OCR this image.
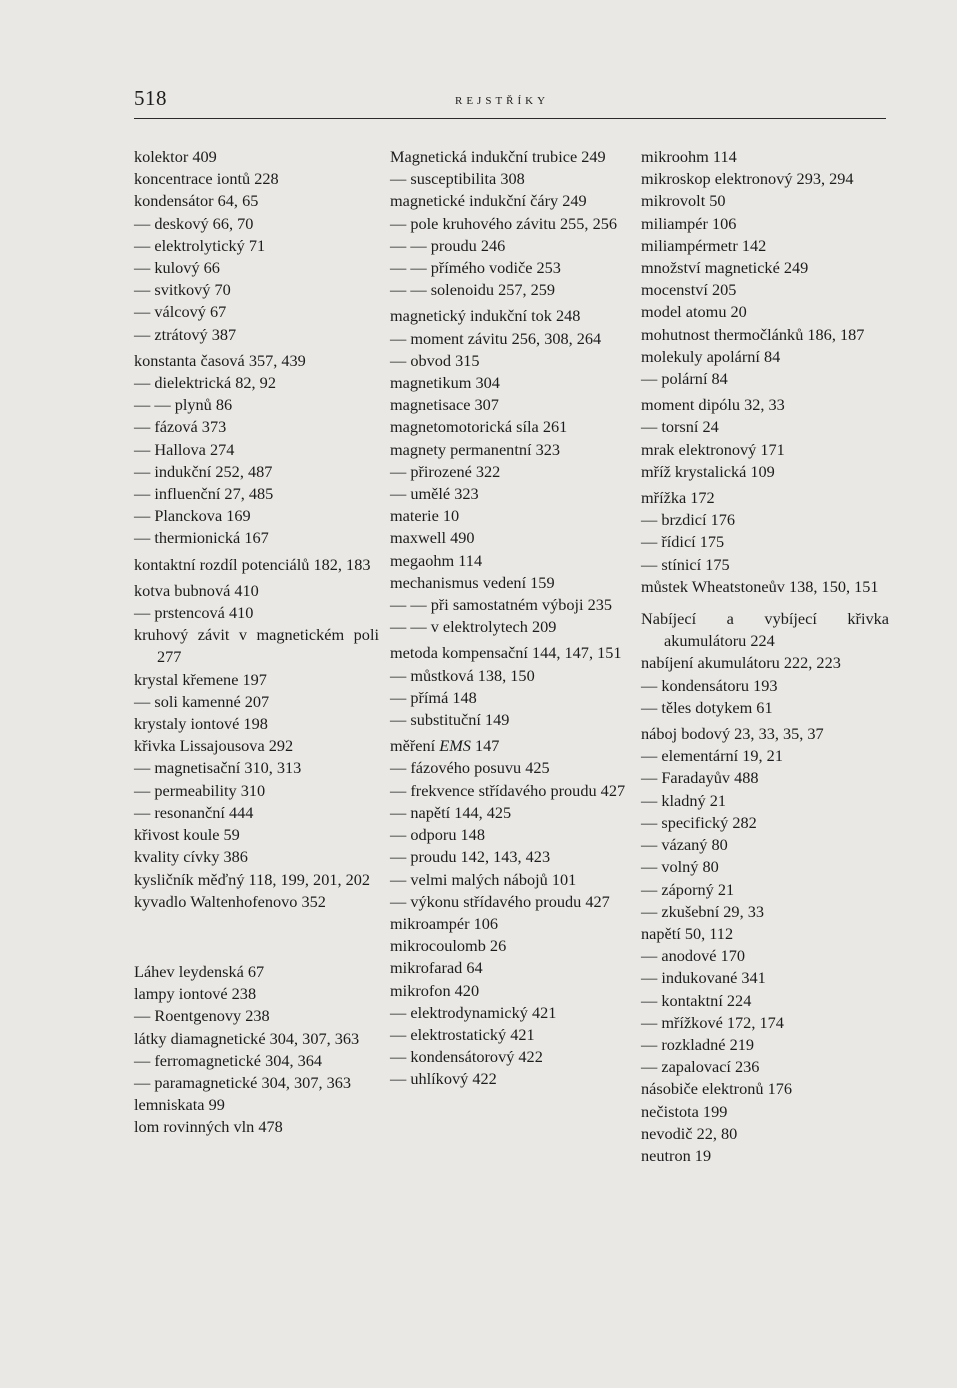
518	REJSTŘÍKY
kolektor 409
koncentrace iontů 228
kondensátor 64, 65
— deskový 66, 70
— elektrolytický 71
— kulový 66
— svitkový 70
— válcový 67
— ztrátový 387
konstanta časová 357, 439
— dielektrická 82, 92
— — plynů 86
— fázová 373
— Hallova 274
— indukční 252, 487
— influenční 27, 485
— Planckova 169
— thermionická 167
kontaktní rozdíl potenciálů 182, 183
kotva bubnová 410
— prstencová 410
kruhový závit v magnetickém poli 277
krystal křemene 197
— soli kamenné 207
krystaly iontové 198
křivka Lissajousova 292
— magnetisační 310, 313
— permeability 310
— resonanční 444
křivost koule 59
kvality cívky 386
kysličník měďný 118, 199, 201, 202
kyvadlo Waltenhofenovo 352
Láhev leydenská 67
lampy iontové 238
— Roentgenovy 238
látky diamagnetické 304, 307, 363
— ferromagnetické 304, 364
— paramagnetické 304, 307, 363
lemniskata 99
lom rovinných vln 478
Magnetická indukční trubice 249
— susceptibilita 308
magnetické indukční čáry 249
— pole kruhového závitu 255, 256
— — proudu 246
— — přímého vodiče 253
— — solenoidu 257, 259
magnetický indukční tok 248
— moment závitu 256, 308, 264
— obvod 315
magnetikum 304
magnetisace 307
magnetomotorická síla 261
magnety permanentní 323
— přirozené 322
— umělé 323
materie 10
maxwell 490
megaohm 114
mechanismus vedení 159
— — při samostatném výboji 235
— — v elektrolytech 209
metoda kompensační 144, 147, 151
— můstková 138, 150
— přímá 148
— substituční 149
měření EMS 147
— fázového posuvu 425
— frekvence střídavého proudu 427
— napětí 144, 425
— odporu 148
— proudu 142, 143, 423
— velmi malých nábojů 101
— výkonu střídavého proudu 427
mikroampér 106
mikrocoulomb 26
mikrofarad 64
mikrofon 420
— elektrodynamický 421
— elektrostatický 421
— kondensátorový 422
— uhlíkový 422
mikroohm 114
mikroskop elektronový 293, 294
mikrovolt 50
miliampér 106
miliampérmetr 142
množství magnetické 249
mocenství 205
model atomu 20
mohutnost thermočlánků 186, 187
molekuly apolární 84
— polární 84
moment dipólu 32, 33
— torsní 24
mrak elektronový 171
mříž krystalická 109
mřížka 172
— brzdicí 176
— řídicí 175
— stínicí 175
můstek Wheatstoneův 138, 150, 151
Nabíjecí a vybíjecí křivka akumulátoru 224
nabíjení akumulátoru 222, 223
— kondensátoru 193
— těles dotykem 61
náboj bodový 23, 33, 35, 37
— elementární 19, 21
— Faradayův 488
— kladný 21
— specifický 282
— vázaný 80
— volný 80
— záporný 21
— zkušební 29, 33
napětí 50, 112
— anodové 170
— indukované 341
— kontaktní 224
— mřížkové 172, 174
— rozkladné 219
— zapalovací 236
násobiče elektronů 176
nečistota 199
nevodič 22, 80
neutron 19
